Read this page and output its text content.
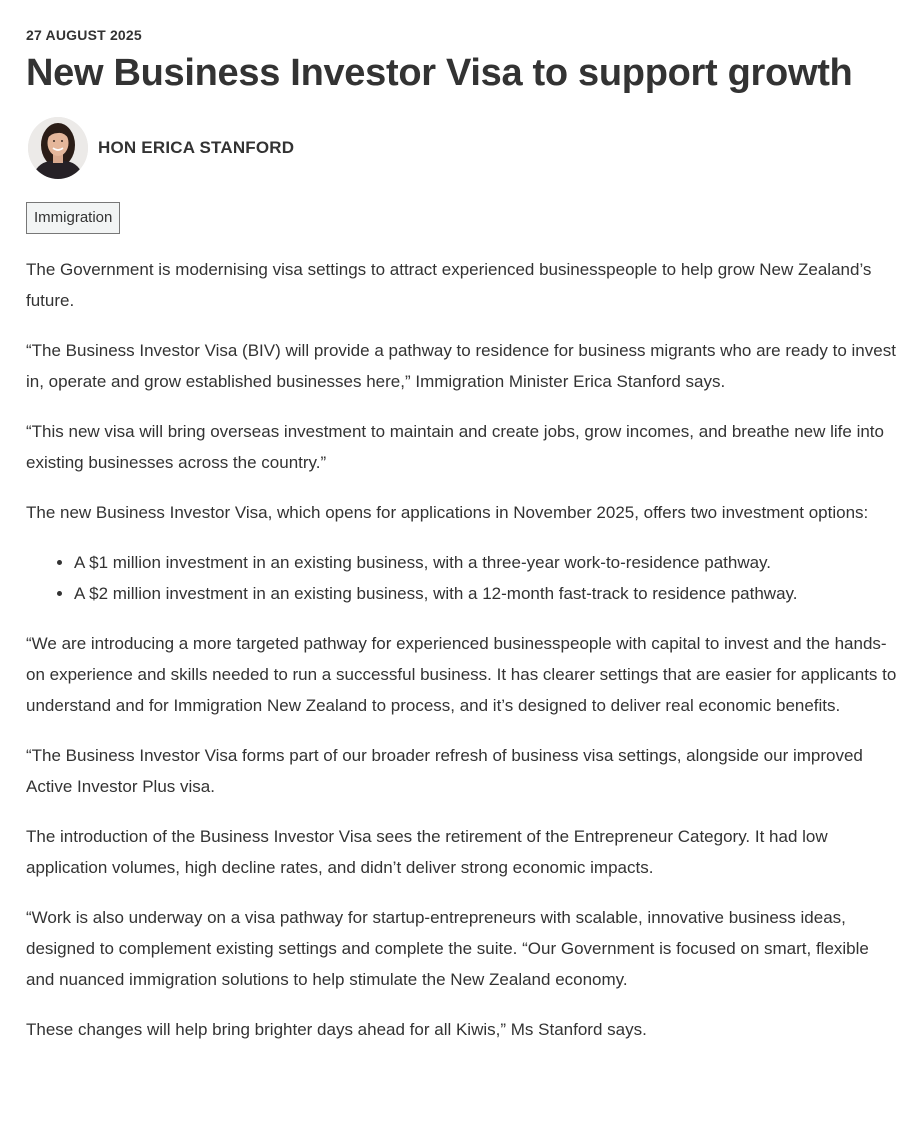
27 AUGUST 2025

New Business Investor Visa to support growth
HON ERICA STANFORD
Immigration

The Government is modernising visa settings to attract experienced businesspeople to help grow New Zealand’s future.

“The Business Investor Visa (BIV) will provide a pathway to residence for business migrants who are ready to invest in, operate and grow established businesses here,” Immigration Minister Erica Stanford says.

“This new visa will bring overseas investment to maintain and create jobs, grow incomes, and breathe new life into existing businesses across the country.”

The new Business Investor Visa, which opens for applications in November 2025, offers two investment options:

• A $1 million investment in an existing business, with a three-year work-to-residence pathway.
• A $2 million investment in an existing business, with a 12-month fast-track to residence pathway.

“We are introducing a more targeted pathway for experienced businesspeople with capital to invest and the hands-on experience and skills needed to run a successful business. It has clearer settings that are easier for applicants to understand and for Immigration New Zealand to process, and it’s designed to deliver real economic benefits.

“The Business Investor Visa forms part of our broader refresh of business visa settings, alongside our improved Active Investor Plus visa.

The introduction of the Business Investor Visa sees the retirement of the Entrepreneur Category. It had low application volumes, high decline rates, and didn’t deliver strong economic impacts.

“Work is also underway on a visa pathway for startup-entrepreneurs with scalable, innovative business ideas, designed to complement existing settings and complete the suite. “Our Government is focused on smart, flexible and nuanced immigration solutions to help stimulate the New Zealand economy.

These changes will help bring brighter days ahead for all Kiwis,” Ms Stanford says.
